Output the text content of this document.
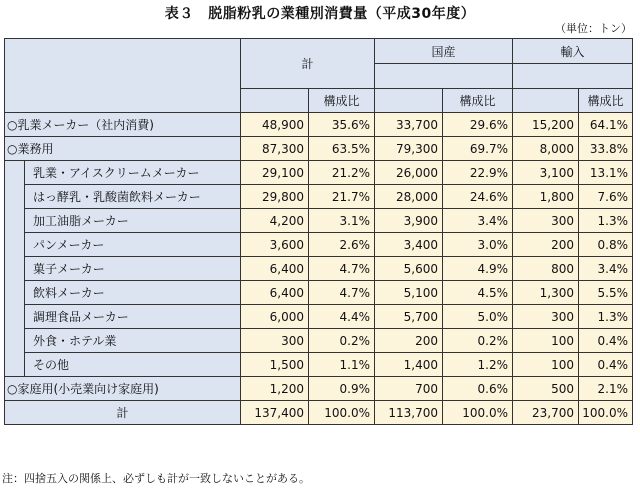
表３　脱脂粉乳の業種別消費量（平成30年度）
（単位：トン）
		計		国産		輸入	

			構成比		構成比		構成比
○乳業メーカー（社内消費)		48,900	35.6%	33,700	29.6%	15,200	64.1%
○業務用		87,300	63.5%	79,300	69.7%	8,000	33.8%
	乳業・アイスクリームメーカー	29,100	21.2%	26,000	22.9%	3,100	13.1%
	はっ酵乳・乳酸菌飲料メーカー	29,800	21.7%	28,000	24.6%	1,800	7.6%
	加工油脂メーカー	4,200	3.1%	3,900	3.4%	300	1.3%
	パンメーカー	3,600	2.6%	3,400	3.0%	200	0.8%
	菓子メーカー	6,400	4.7%	5,600	4.9%	800	3.4%
	飲料メーカー	6,400	4.7%	5,100	4.5%	1,300	5.5%
	調理食品メーカー	6,000	4.4%	5,700	5.0%	300	1.3%
	外食・ホテル業	300	0.2%	200	0.2%	100	0.4%
	その他	1,500	1.1%	1,400	1.2%	100	0.4%
○家庭用(小売業向け家庭用)		1,200	0.9%	700	0.6%	500	2.1%
計		137,400	100.0%	113,700	100.0%	23,700	100.0%
注：四捨五入の関係上、必ずしも計が一致しないことがある。
